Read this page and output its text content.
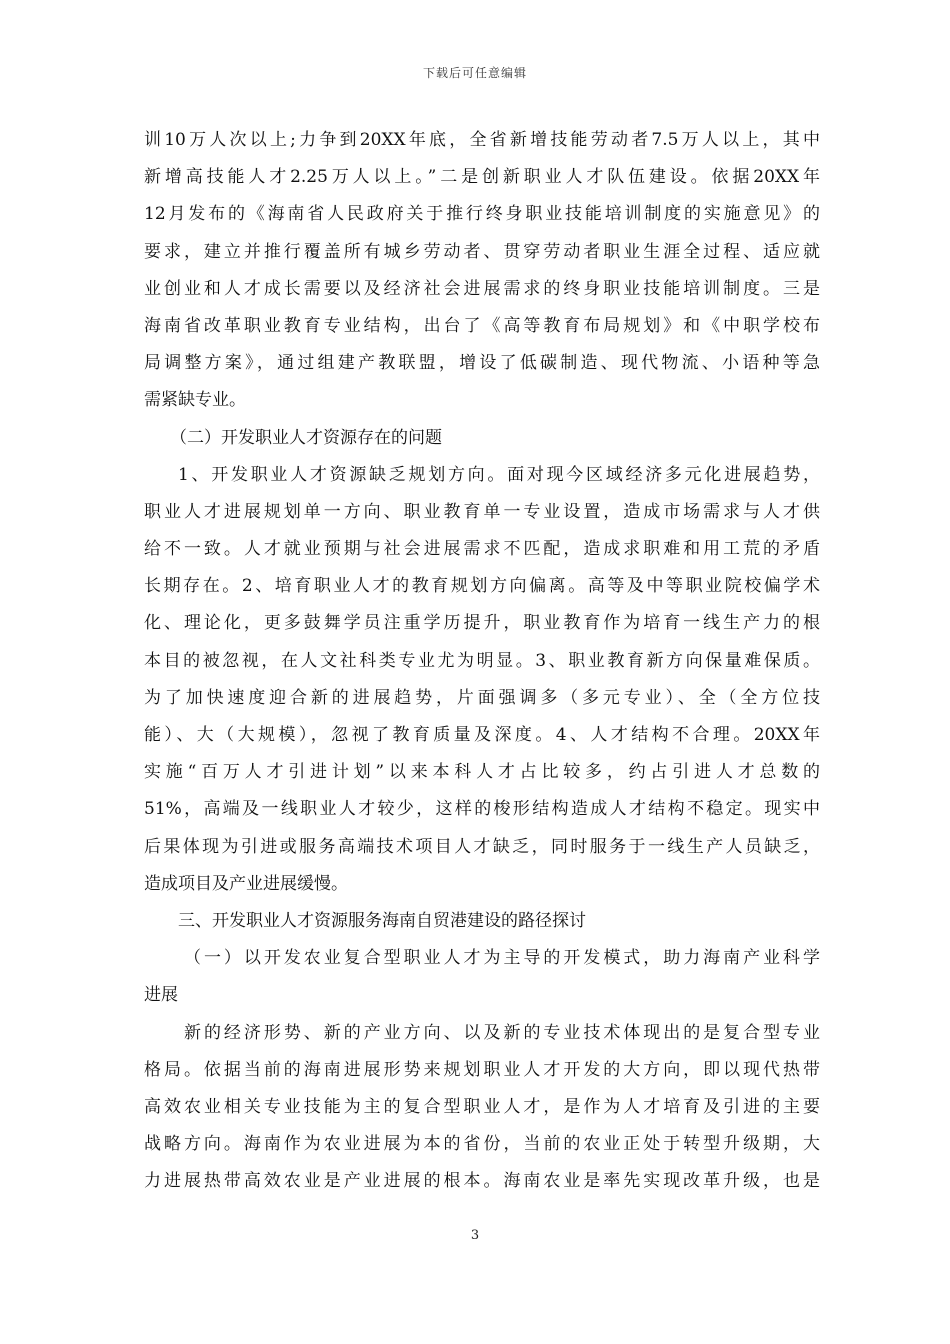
下载后可任意编辑
训10万人次以上;力争到20XX年底，全省新增技能劳动者7.5万人以上，其中
新增高技能人才2.25万人以上。”二是创新职业人才队伍建设。依据20XX年
12月发布的《海南省人民政府关于推行终身职业技能培训制度的实施意见》的
要求，建立并推行覆盖所有城乡劳动者、贯穿劳动者职业生涯全过程、适应就
业创业和人才成长需要以及经济社会进展需求的终身职业技能培训制度。三是
海南省改革职业教育专业结构，出台了《高等教育布局规划》和《中职学校布
局调整方案》，通过组建产教联盟，增设了低碳制造、现代物流、小语种等急
需紧缺专业。
（二）开发职业人才资源存在的问题
1、开发职业人才资源缺乏规划方向。面对现今区域经济多元化进展趋势，
职业人才进展规划单一方向、职业教育单一专业设置，造成市场需求与人才供
给不一致。人才就业预期与社会进展需求不匹配，造成求职难和用工荒的矛盾
长期存在。2、培育职业人才的教育规划方向偏离。高等及中等职业院校偏学术
化、理论化，更多鼓舞学员注重学历提升，职业教育作为培育一线生产力的根
本目的被忽视，在人文社科类专业尤为明显。3、职业教育新方向保量难保质。
为了加快速度迎合新的进展趋势，片面强调多（多元专业）、全（全方位技
能）、大（大规模），忽视了教育质量及深度。4、人才结构不合理。20XX年
实施“百万人才引进计划”以来本科人才占比较多，约占引进人才总数的
51%，高端及一线职业人才较少，这样的梭形结构造成人才结构不稳定。现实中
后果体现为引进或服务高端技术项目人才缺乏，同时服务于一线生产人员缺乏，
造成项目及产业进展缓慢。
三、开发职业人才资源服务海南自贸港建设的路径探讨
（一）以开发农业复合型职业人才为主导的开发模式，助力海南产业科学
进展
新的经济形势、新的产业方向、以及新的专业技术体现出的是复合型专业
格局。依据当前的海南进展形势来规划职业人才开发的大方向，即以现代热带
高效农业相关专业技能为主的复合型职业人才，是作为人才培育及引进的主要
战略方向。海南作为农业进展为本的省份，当前的农业正处于转型升级期，大
力进展热带高效农业是产业进展的根本。海南农业是率先实现改革升级，也是
3
